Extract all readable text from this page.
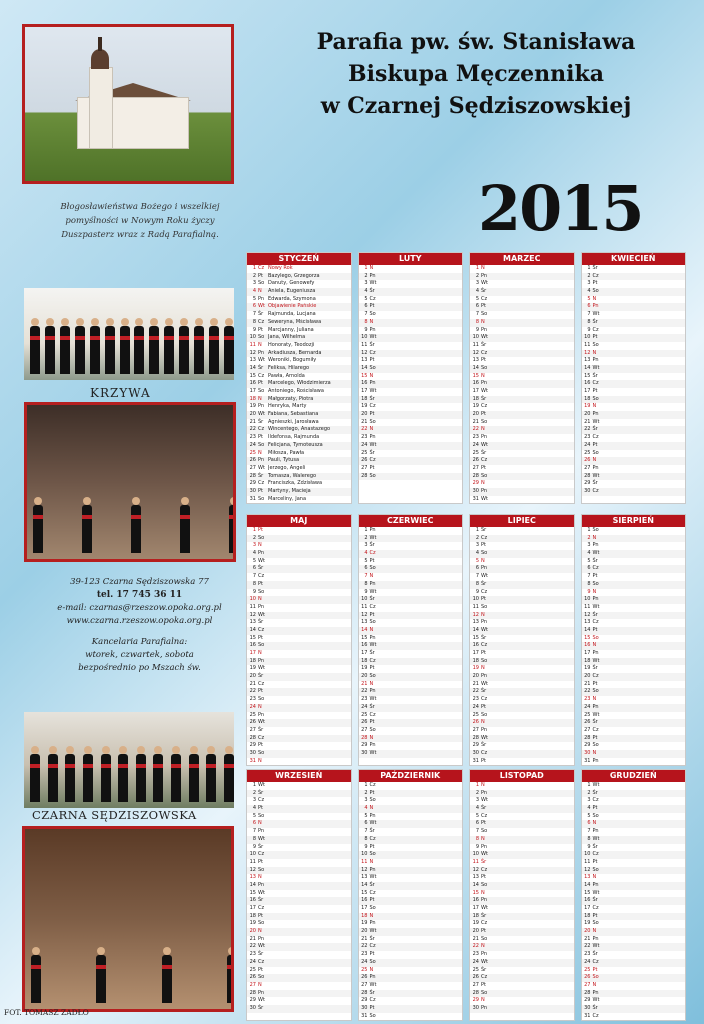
Błogosławieństwa Bożego i wszelkiej pomyślności w Nowym Roku życzy Duszpasterz wraz z Radą Parafialną.
KRZYWA
39-123 Czarna Sędziszowska 77
tel. 17 745 36 11
e-mail: czarnas@rzeszow.opoka.org.pl
www.czarna.rzeszow.opoka.org.pl
Kancelaria Parafialna:
wtorek, czwartek, sobota
bezpośrednio po Mszach św.
CZARNA SĘDZISZOWSKA
FOT. TOMASZ ZADŁO
Parafia pw. św. Stanisława
Biskupa Męczennika
w Czarnej Sędziszowskiej
2015
STYCZEŃ
1 Cz Nowy Rok
2 Pt	Bazylego, Grzegorza
3 So Danuty, Genowefy
4 N	Aniela, Eugeniusza
5 Pn Edwarda, Szymona
6 Wt Objawienie Pańskie
7 Śr Rajmunda, Lucjana
8 Cz Seweryna, Mścisława
9 Pt	Marcjanny, Juliana
10 So Jana, Wilhelma
11 N	Honoraty, Teodozji
12 Pn Arkadiusza, Bernarda
13 Wt Weroniki, Bogumiły
14 Śr Feliksa, Hilarego
15 Cz Pawła, Arnolda
16 Pt	Marcelego, Włodzimierza
17 So Antoniego, Rościsława
18 N	Małgorzaty, Piotra
19 Pn Henryka, Marty
20 Wt Fabiana, Sebastiana
21 Śr Agnieszki, Jarosława
22 Cz Wincentego, Anastazego
23 Pt	Ildefonsa, Rajmunda
24 So Felicjana, Tymoteusza
25 N	Miłosza, Pawła
26 Pn Pauli, Tytusa
27 Wt Jerzego, Angeli
28 Śr Tomasza, Walerego
29 Cz Franciszka, Zdzisława
30 Pt	Martyny, Macieja
31 So Marceliny, Jana
LUTY
1 N
2 Pn
3 Wt
4 Śr
5 Cz
6 Pt
7 So
8 N
9 Pn
10 Wt
11 Śr
12 Cz
13 Pt
14 So
15 N
16 Pn
17 Wt
18 Śr
19 Cz
20 Pt
21 So
22 N
23 Pn
24 Wt
25 Śr
26 Cz
27 Pt
28 So
MARZEC
1 N
2 Pn
3 Wt
4 Śr
5 Cz
6 Pt
7 So
8 N
9 Pn
10 Wt
11 Śr
12 Cz
13 Pt
14 So
15 N
16 Pn
17 Wt
18 Śr
19 Cz
20 Pt
21 So
22 N
23 Pn
24 Wt
25 Śr
26 Cz
27 Pt
28 So
29 N
30 Pn
31 Wt
KWIECIEŃ
1 Śr
2 Cz
3 Pt
4 So
5 N
6 Pn
7 Wt
8 Śr
9 Cz
10 Pt
11 So
12 N
13 Pn
14 Wt
15 Śr
16 Cz
17 Pt
18 So
19 N
20 Pn
21 Wt
22 Śr
23 Cz
24 Pt
25 So
26 N
27 Pn
28 Wt
29 Śr
30 Cz
MAJ
1 Pt
2 So
3 N
4 Pn
5 Wt
6 Śr
7 Cz
8 Pt
9 So
10 N
11 Pn
12 Wt
13 Śr
14 Cz
15 Pt
16 So
17 N
18 Pn
19 Wt
20 Śr
21 Cz
22 Pt
23 So
24 N
25 Pn
26 Wt
27 Śr
28 Cz
29 Pt
30 So
31 N
CZERWIEC
1 Pn
2 Wt
3 Śr
4 Cz
5 Pt
6 So
7 N
8 Pn
9 Wt
10 Śr
11 Cz
12 Pt
13 So
14 N
15 Pn
16 Wt
17 Śr
18 Cz
19 Pt
20 So
21 N
22 Pn
23 Wt
24 Śr
25 Cz
26 Pt
27 So
28 N
29 Pn
30 Wt
LIPIEC
1 Śr
2 Cz
3 Pt
4 So
5 N
6 Pn
7 Wt
8 Śr
9 Cz
10 Pt
11 So
12 N
13 Pn
14 Wt
15 Śr
16 Cz
17 Pt
18 So
19 N
20 Pn
21 Wt
22 Śr
23 Cz
24 Pt
25 So
26 N
27 Pn
28 Wt
29 Śr
30 Cz
31 Pt
SIERPIEŃ
1 So
2 N
3 Pn
4 Wt
5 Śr
6 Cz
7 Pt
8 So
9 N
10 Pn
11 Wt
12 Śr
13 Cz
14 Pt
15 So
16 N
17 Pn
18 Wt
19 Śr
20 Cz
21 Pt
22 So
23 N
24 Pn
25 Wt
26 Śr
27 Cz
28 Pt
29 So
30 N
31 Pn
WRZESIEŃ
1 Wt
2 Śr
3 Cz
4 Pt
5 So
6 N
7 Pn
8 Wt
9 Śr
10 Cz
11 Pt
12 So
13 N
14 Pn
15 Wt
16 Śr
17 Cz
18 Pt
19 So
20 N
21 Pn
22 Wt
23 Śr
24 Cz
25 Pt
26 So
27 N
28 Pn
29 Wt
30 Śr
PAŹDZIERNIK
1 Cz
2 Pt
3 So
4 N
5 Pn
6 Wt
7 Śr
8 Cz
9 Pt
10 So
11 N
12 Pn
13 Wt
14 Śr
15 Cz
16 Pt
17 So
18 N
19 Pn
20 Wt
21 Śr
22 Cz
23 Pt
24 So
25 N
26 Pn
27 Wt
28 Śr
29 Cz
30 Pt
31 So
LISTOPAD
1 N
2 Pn
3 Wt
4 Śr
5 Cz
6 Pt
7 So
8 N
9 Pn
10 Wt
11 Śr
12 Cz
13 Pt
14 So
15 N
16 Pn
17 Wt
18 Śr
19 Cz
20 Pt
21 So
22 N
23 Pn
24 Wt
25 Śr
26 Cz
27 Pt
28 So
29 N
30 Pn
GRUDZIEŃ
1 Wt
2 Śr
3 Cz
4 Pt
5 So
6 N
7 Pn
8 Wt
9 Śr
10 Cz
11 Pt
12 So
13 N
14 Pn
15 Wt
16 Śr
17 Cz
18 Pt
19 So
20 N
21 Pn
22 Wt
23 Śr
24 Cz
25 Pt
26 So
27 N
28 Pn
29 Wt
30 Śr
31 Cz
